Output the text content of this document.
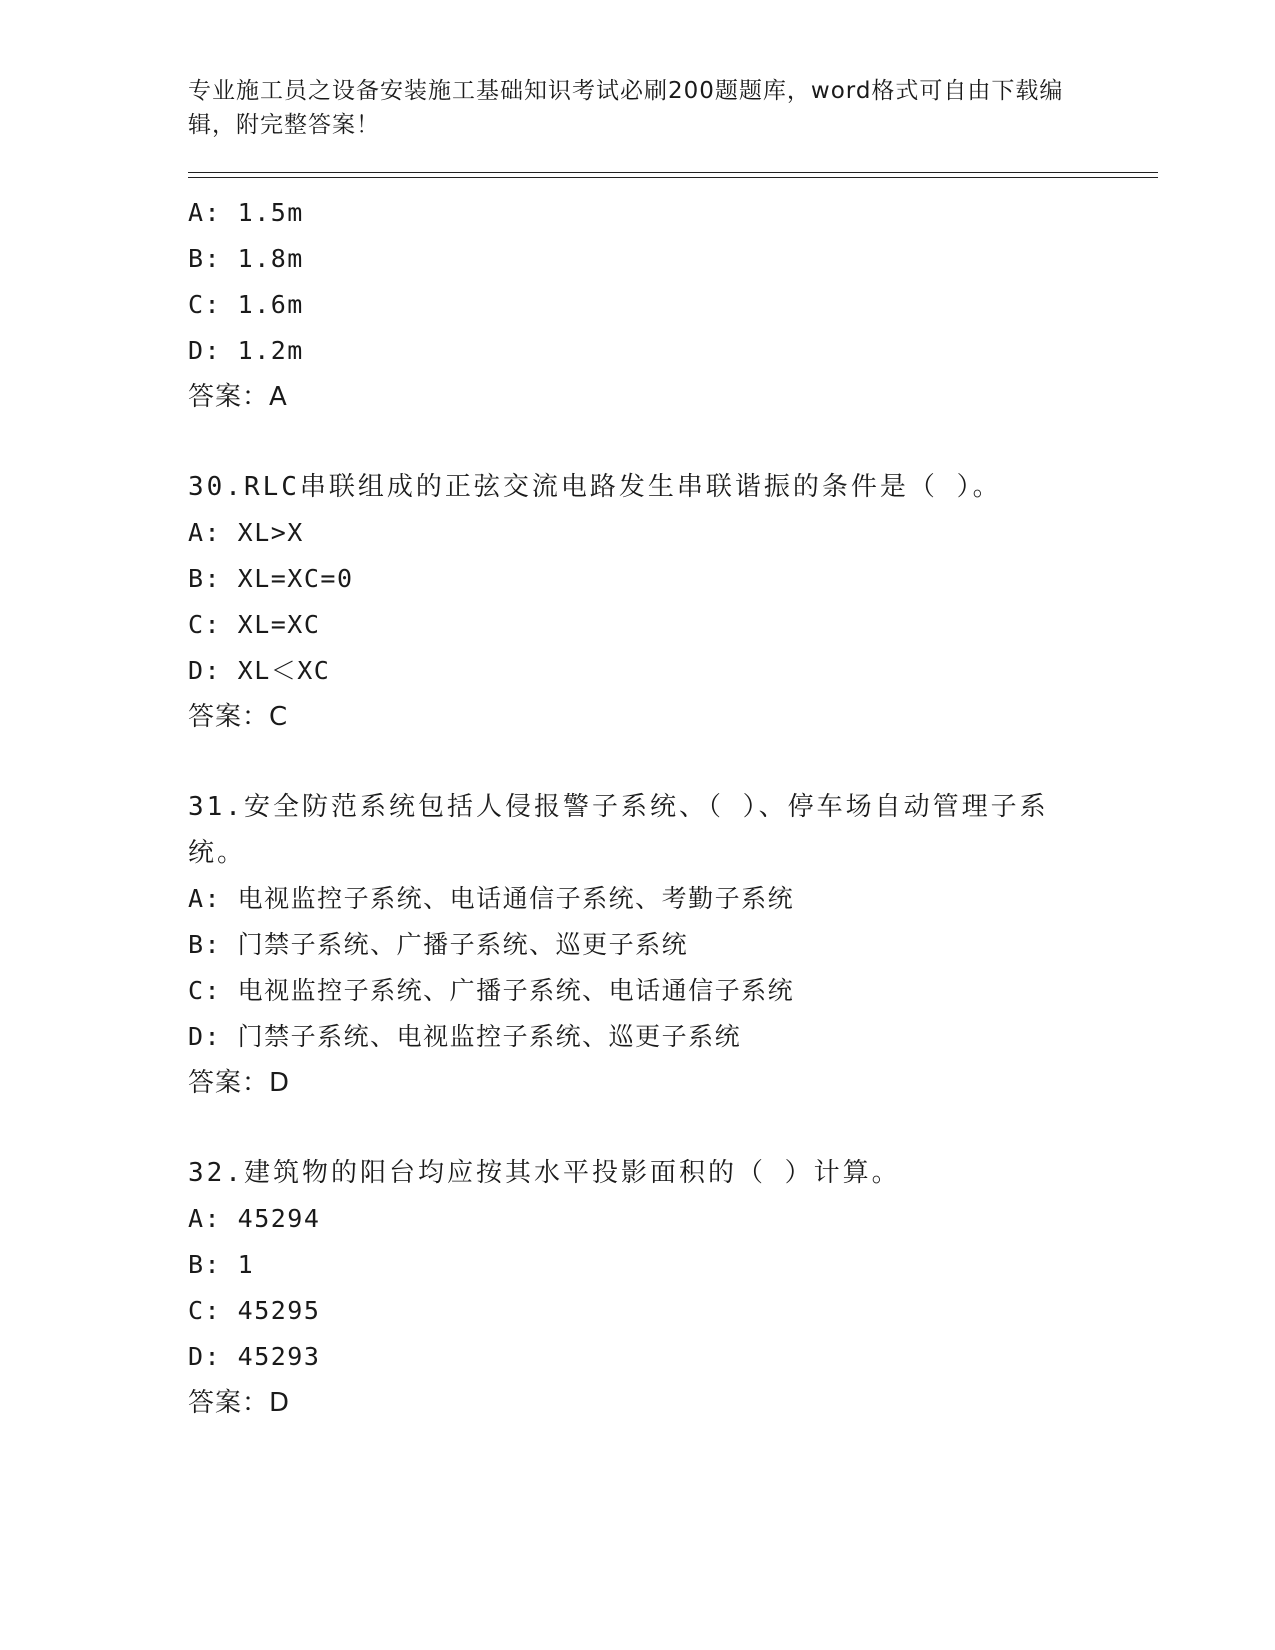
专业施工员之设备安装施工基础知识考试必刷200题题库，word格式可自由下载编辑，附完整答案！
A: 1.5m
B: 1.8m
C: 1.6m
D: 1.2m
答案：A
30.RLC串联组成的正弦交流电路发生串联谐振的条件是（ ）。
A: XL>X
B: XL=XC=0
C: XL=XC
D: XL＜XC
答案：C
31.安全防范系统包括人侵报警子系统、（ ）、停车场自动管理子系统。
A: 电视监控子系统、电话通信子系统、考勤子系统
B: 门禁子系统、广播子系统、巡更子系统
C: 电视监控子系统、广播子系统、电话通信子系统
D: 门禁子系统、电视监控子系统、巡更子系统
答案：D
32.建筑物的阳台均应按其水平投影面积的（ ）计算。
A: 45294
B: 1
C: 45295
D: 45293
答案：D
